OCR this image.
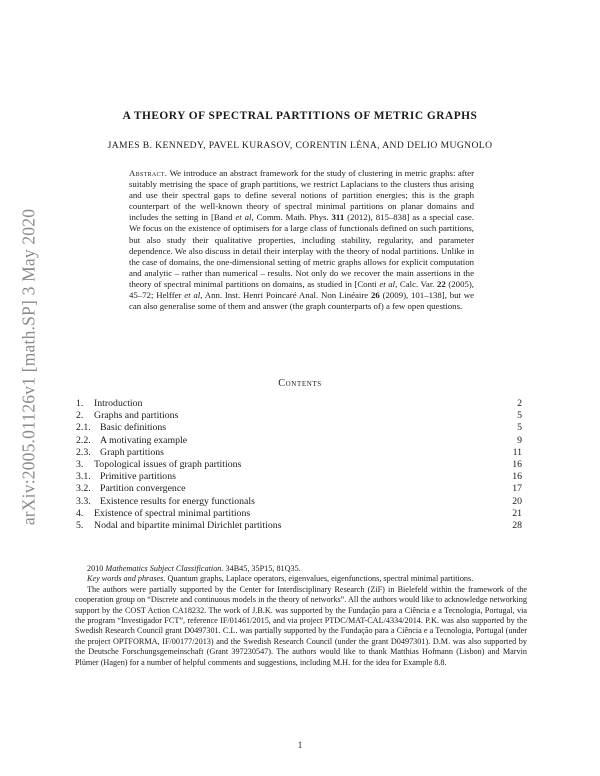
arXiv:2005.01126v1 [math.SP] 3 May 2020
A THEORY OF SPECTRAL PARTITIONS OF METRIC GRAPHS
JAMES B. KENNEDY, PAVEL KURASOV, CORENTIN LÉNA, AND DELIO MUGNOLO
Abstract. We introduce an abstract framework for the study of clustering in metric graphs: after suitably metrising the space of graph partitions, we restrict Laplacians to the clusters thus arising and use their spectral gaps to define several notions of partition energies; this is the graph counterpart of the well-known theory of spectral minimal partitions on planar domains and includes the setting in [Band et al, Comm. Math. Phys. 311 (2012), 815–838] as a special case. We focus on the existence of optimisers for a large class of functionals defined on such partitions, but also study their qualitative properties, including stability, regularity, and parameter dependence. We also discuss in detail their interplay with the theory of nodal partitions. Unlike in the case of domains, the one-dimensional setting of metric graphs allows for explicit computation and analytic – rather than numerical – results. Not only do we recover the main assertions in the theory of spectral minimal partitions on domains, as studied in [Conti et al, Calc. Var. 22 (2005), 45–72; Helffer et al, Ann. Inst. Henri Poincaré Anal. Non Linéaire 26 (2009), 101–138], but we can also generalise some of them and answer (the graph counterparts of) a few open questions.
Contents
1. Introduction	2
2. Graphs and partitions	5
2.1. Basic definitions	5
2.2. A motivating example	9
2.3. Graph partitions	11
3. Topological issues of graph partitions	16
3.1. Primitive partitions	16
3.2. Partition convergence	17
3.3. Existence results for energy functionals	20
4. Existence of spectral minimal partitions	21
5. Nodal and bipartite minimal Dirichlet partitions	28

2010 Mathematics Subject Classification. 34B45, 35P15, 81Q35.

Key words and phrases. Quantum graphs, Laplace operators, eigenvalues, eigenfunctions, spectral minimal partitions.

The authors were partially supported by the Center for Interdisciplinary Research (ZiF) in Bielefeld within the framework of the cooperation group on “Discrete and continuous models in the theory of networks”. All the authors would like to acknowledge networking support by the COST Action CA18232. The work of J.B.K. was supported by the Fundação para a Ciência e a Tecnologia, Portugal, via the program “Investigador FCT”, reference IF/01461/2015, and via project PTDC/MAT-CAL/4334/2014. P.K. was also supported by the Swedish Research Council grant D0497301. C.L. was partially supported by the Fundação para a Ciência e a Tecnologia, Portugal (under the project OPTFORMA, IF/00177/2013) and the Swedish Research Council (under the grant D0497301). D.M. was also supported by the Deutsche Forschungsgemeinschaft (Grant 397230547). The authors would like to thank Matthias Hofmann (Lisbon) and Marvin Plümer (Hagen) for a number of helpful comments and suggestions, including M.H. for the idea for Example 8.8.

1
